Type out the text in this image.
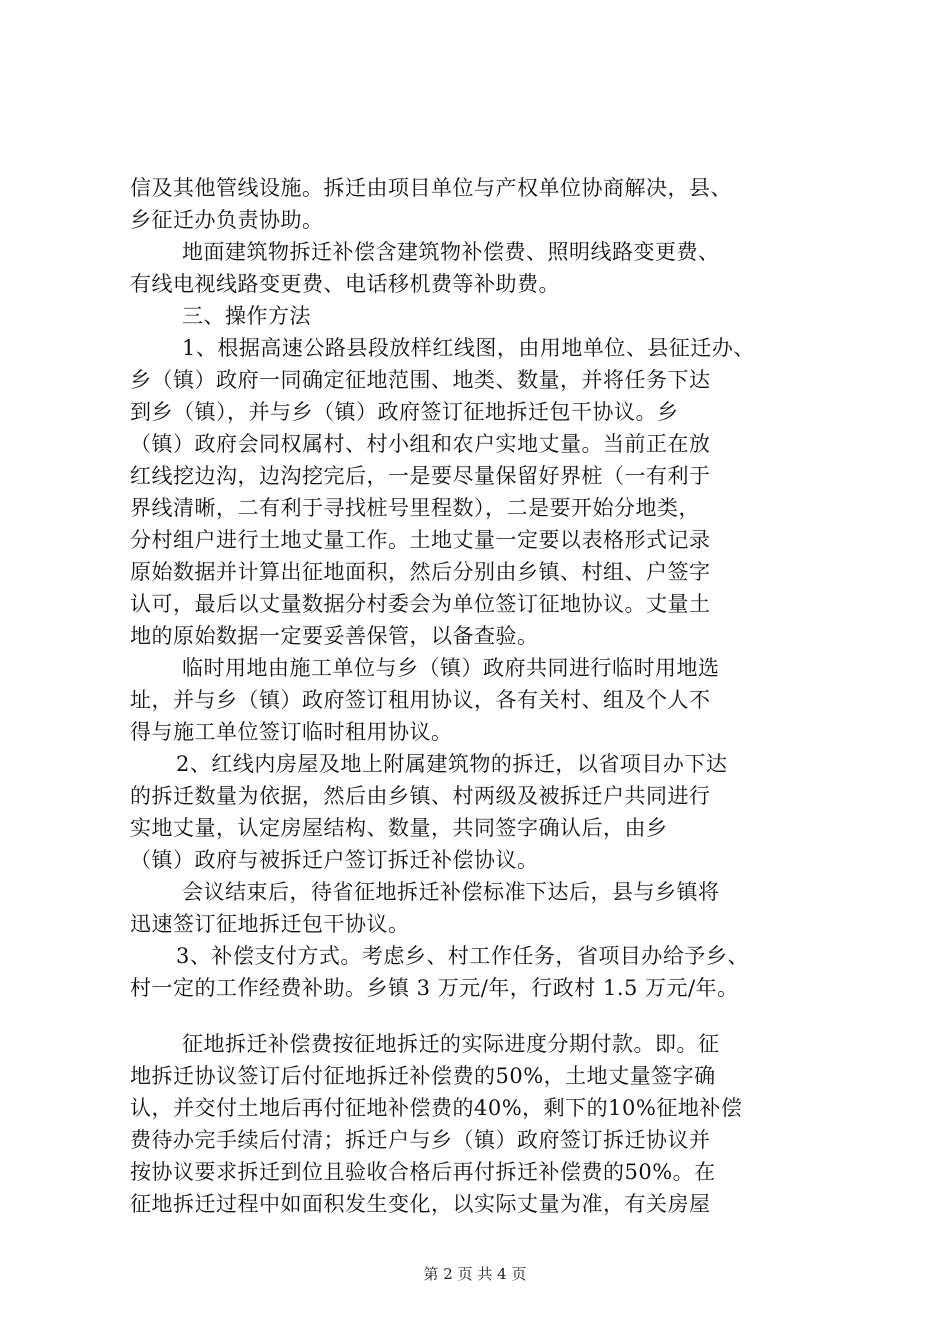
信及其他管线设施。拆迁由项目单位与产权单位协商解决，县、
乡征迁办负责协助。
地面建筑物拆迁补偿含建筑物补偿费、照明线路变更费、
有线电视线路变更费、电话移机费等补助费。
三、操作方法
1、根据高速公路县段放样红线图，由用地单位、县征迁办、
乡（镇）政府一同确定征地范围、地类、数量，并将任务下达
到乡（镇），并与乡（镇）政府签订征地拆迁包干协议。乡
（镇）政府会同权属村、村小组和农户实地丈量。当前正在放
红线挖边沟，边沟挖完后，一是要尽量保留好界桩（一有利于
界线清晰，二有利于寻找桩号里程数），二是要开始分地类，
分村组户进行土地丈量工作。土地丈量一定要以表格形式记录
原始数据并计算出征地面积，然后分别由乡镇、村组、户签字
认可，最后以丈量数据分村委会为单位签订征地协议。丈量土
地的原始数据一定要妥善保管，以备查验。
临时用地由施工单位与乡（镇）政府共同进行临时用地选
址，并与乡（镇）政府签订租用协议，各有关村、组及个人不
得与施工单位签订临时租用协议。
2、红线内房屋及地上附属建筑物的拆迁，以省项目办下达
的拆迁数量为依据，然后由乡镇、村两级及被拆迁户共同进行
实地丈量，认定房屋结构、数量，共同签字确认后，由乡
（镇）政府与被拆迁户签订拆迁补偿协议。
会议结束后，待省征地拆迁补偿标准下达后，县与乡镇将
迅速签订征地拆迁包干协议。
3、补偿支付方式。考虑乡、村工作任务，省项目办给予乡、
村一定的工作经费补助。乡镇 3 万元/年，行政村 1.5 万元/年。
征地拆迁补偿费按征地拆迁的实际进度分期付款。即。征
地拆迁协议签订后付征地拆迁补偿费的50%，土地丈量签字确
认，并交付土地后再付征地补偿费的40%，剩下的10%征地补偿
费待办完手续后付清；拆迁户与乡（镇）政府签订拆迁协议并
按协议要求拆迁到位且验收合格后再付拆迁补偿费的50%。在
征地拆迁过程中如面积发生变化，以实际丈量为准，有关房屋
第 2 页 共 4 页
